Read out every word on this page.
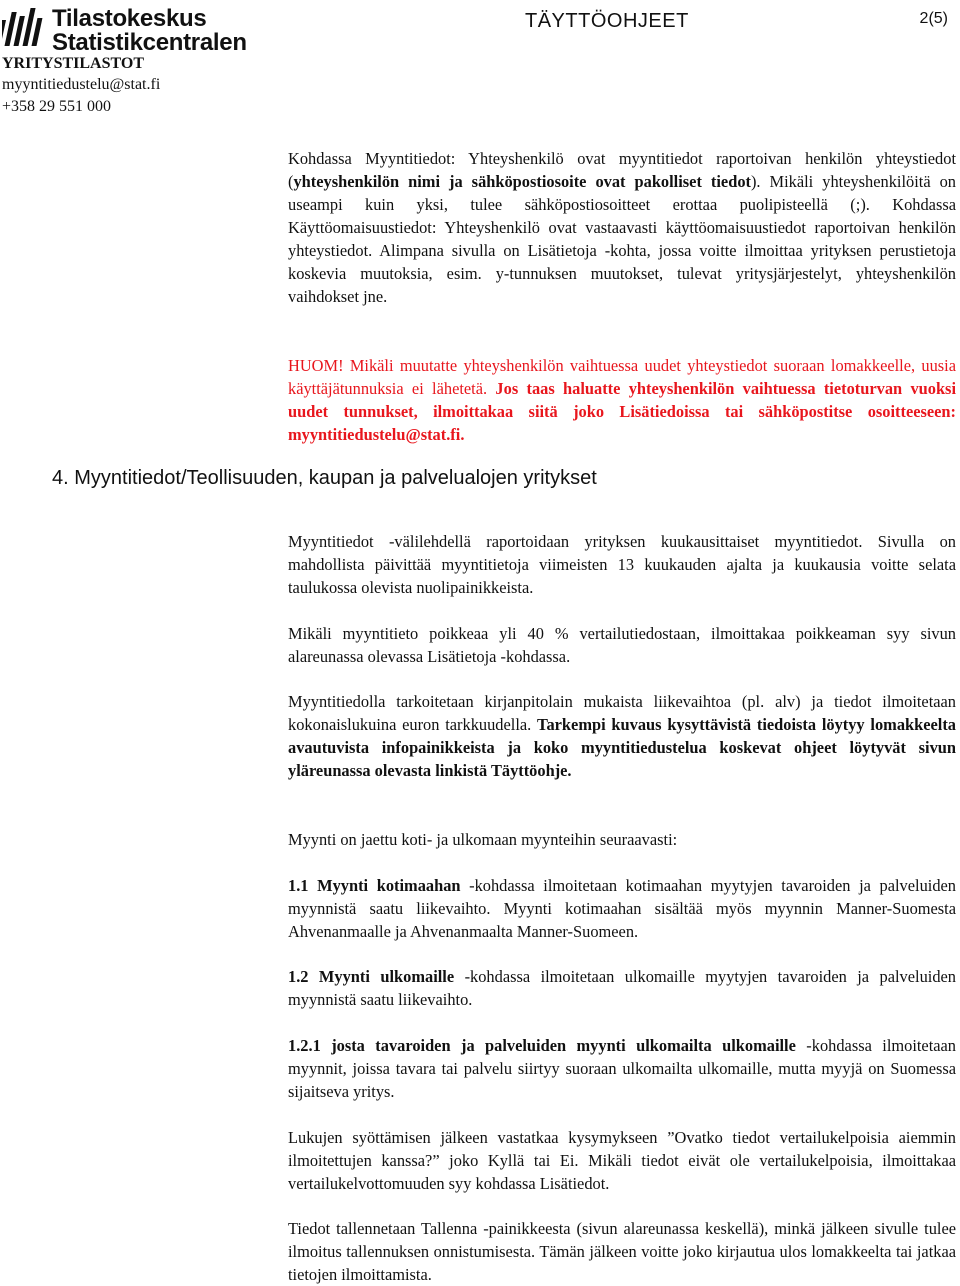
Tilastokeskus
Statistikcentralen
YRITYSTILASTOT
myyntitiedustelu@stat.fi
+358 29 551 000
TÄYTTÖOHJEET	2(5)

Kohdassa Myyntitiedot: Yhteyshenkilö ovat myyntitiedot raportoivan henkilön yhteystiedot (yhteyshenkilön nimi ja sähköpostiosoite ovat pakolliset tiedot). Mikäli yhteyshenkilöitä on useampi kuin yksi, tulee sähköpostiosoitteet erottaa puolipisteellä (;). Kohdassa Käyttöomaisuustiedot: Yhteyshenkilö ovat vastaavasti käyttöomaisuustiedot raportoivan henkilön yhteystiedot. Alimpana sivulla on Lisätietoja -kohta, jossa voitte ilmoittaa yrityksen perustietoja koskevia muutoksia, esim. y-tunnuksen muutokset, tulevat yritysjärjestelyt, yhteyshenkilön vaihdokset jne.

HUOM! Mikäli muutatte yhteyshenkilön vaihtuessa uudet yhteystiedot suoraan lomakkeelle, uusia käyttäjätunnuksia ei lähetetä. Jos taas haluatte yhteyshenkilön vaihtuessa tietoturvan vuoksi uudet tunnukset, ilmoittakaa siitä joko Lisätiedoissa tai sähköpostitse osoitteeseen: myyntitiedustelu@stat.fi.

4. Myyntitiedot/Teollisuuden, kaupan ja palvelualojen yritykset

Myyntitiedot -välilehdellä raportoidaan yrityksen kuukausittaiset myyntitiedot. Sivulla on mahdollista päivittää myyntitietoja viimeisten 13 kuukauden ajalta ja kuukausia voitte selata taulukossa olevista nuolipainikkeista.

Mikäli myyntitieto poikkeaa yli 40 % vertailutiedostaan, ilmoittakaa poikkeaman syy sivun alareunassa olevassa Lisätietoja -kohdassa.

Myyntitiedolla tarkoitetaan kirjanpitolain mukaista liikevaihtoa (pl. alv) ja tiedot ilmoitetaan kokonaislukuina euron tarkkuudella. Tarkempi kuvaus kysyttävistä tiedoista löytyy lomakkeelta avautuvista infopainikkeista ja koko myyntitiedustelua koskevat ohjeet löytyvät sivun yläreunassa olevasta linkistä Täyttöohje.

Myynti on jaettu koti- ja ulkomaan myynteihin seuraavasti:

1.1 Myynti kotimaahan -kohdassa ilmoitetaan kotimaahan myytyjen tavaroiden ja palveluiden myynnistä saatu liikevaihto. Myynti kotimaahan sisältää myös myynnin Manner-Suomesta Ahvenanmaalle ja Ahvenanmaalta Manner-Suomeen.

1.2 Myynti ulkomaille -kohdassa ilmoitetaan ulkomaille myytyjen tavaroiden ja palveluiden myynnistä saatu liikevaihto.

1.2.1 josta tavaroiden ja palveluiden myynti ulkomailta ulkomaille -kohdassa ilmoitetaan myynnit, joissa tavara tai palvelu siirtyy suoraan ulkomailta ulkomaille, mutta myyjä on Suomessa sijaitseva yritys.

Lukujen syöttämisen jälkeen vastatkaa kysymykseen ”Ovatko tiedot vertailukelpoisia aiemmin ilmoitettujen kanssa?” joko Kyllä tai Ei. Mikäli tiedot eivät ole vertailukelpoisia, ilmoittakaa vertailukelvottomuuden syy kohdassa Lisätiedot.

Tiedot tallennetaan Tallenna -painikkeesta (sivun alareunassa keskellä), minkä jälkeen sivulle tulee ilmoitus tallennuksen onnistumisesta. Tämän jälkeen voitte joko kirjautua ulos lomakkeelta tai jatkaa tietojen ilmoittamista.
